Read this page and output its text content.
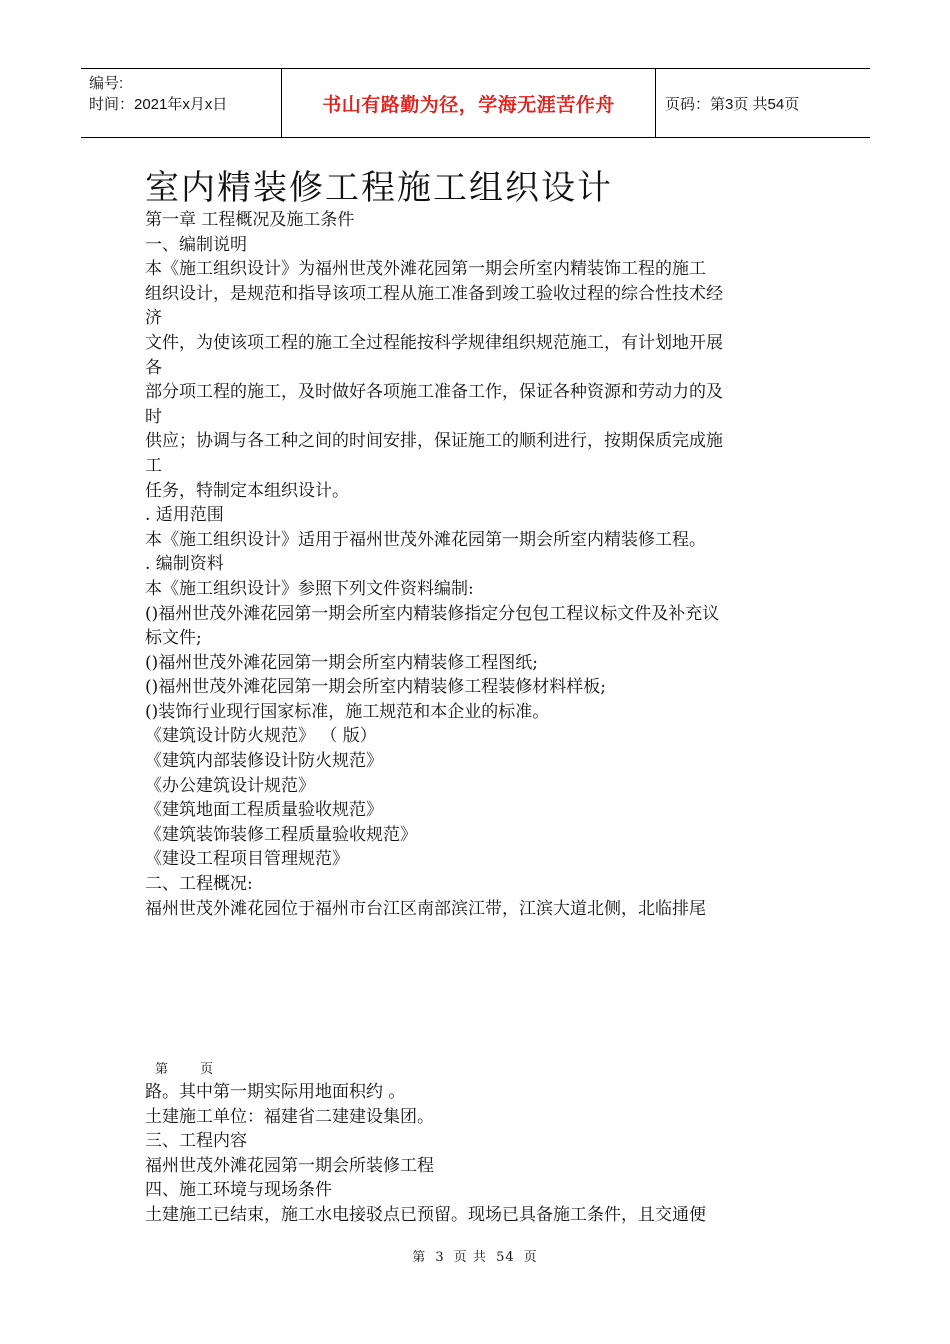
编号:
时间：2021年x月x日	书山有路勤为径，学海无涯苦作舟	页码：第3页 共54页
室内精装修工程施工组织设计
第一章 工程概况及施工条件
一、编制说明
本《施工组织设计》为福州世茂外滩花园第一期会所室内精装饰工程的施工
组织设计，是规范和指导该项工程从施工准备到竣工验收过程的综合性技术经
济
文件，为使该项工程的施工全过程能按科学规律组织规范施工，有计划地开展
各
部分项工程的施工，及时做好各项施工准备工作，保证各种资源和劳动力的及
时
供应；协调与各工种之间的时间安排，保证施工的顺利进行，按期保质完成施
工
任务，特制定本组织设计。
. 适用范围
本《施工组织设计》适用于福州世茂外滩花园第一期会所室内精装修工程。
. 编制资料
本《施工组织设计》参照下列文件资料编制:
()福州世茂外滩花园第一期会所室内精装修指定分包包工程议标文件及补充议
标文件;
()福州世茂外滩花园第一期会所室内精装修工程图纸;
()福州世茂外滩花园第一期会所室内精装修工程装修材料样板;
()装饰行业现行国家标准，施工规范和本企业的标准。
《建筑设计防火规范》 （ 版）
《建筑内部装修设计防火规范》
《办公建筑设计规范》
《建筑地面工程质量验收规范》
《建筑装饰装修工程质量验收规范》
《建设工程项目管理规范》
二、工程概况:
福州世茂外滩花园位于福州市台江区南部滨江带，江滨大道北侧，北临排尾
第 页
路。其中第一期实际用地面积约 。
土建施工单位：福建省二建建设集团。
三、工程内容
福州世茂外滩花园第一期会所装修工程
四、施工环境与现场条件
土建施工已结束，施工水电接驳点已预留。现场已具备施工条件，且交通便
第 3 页 共 54 页
